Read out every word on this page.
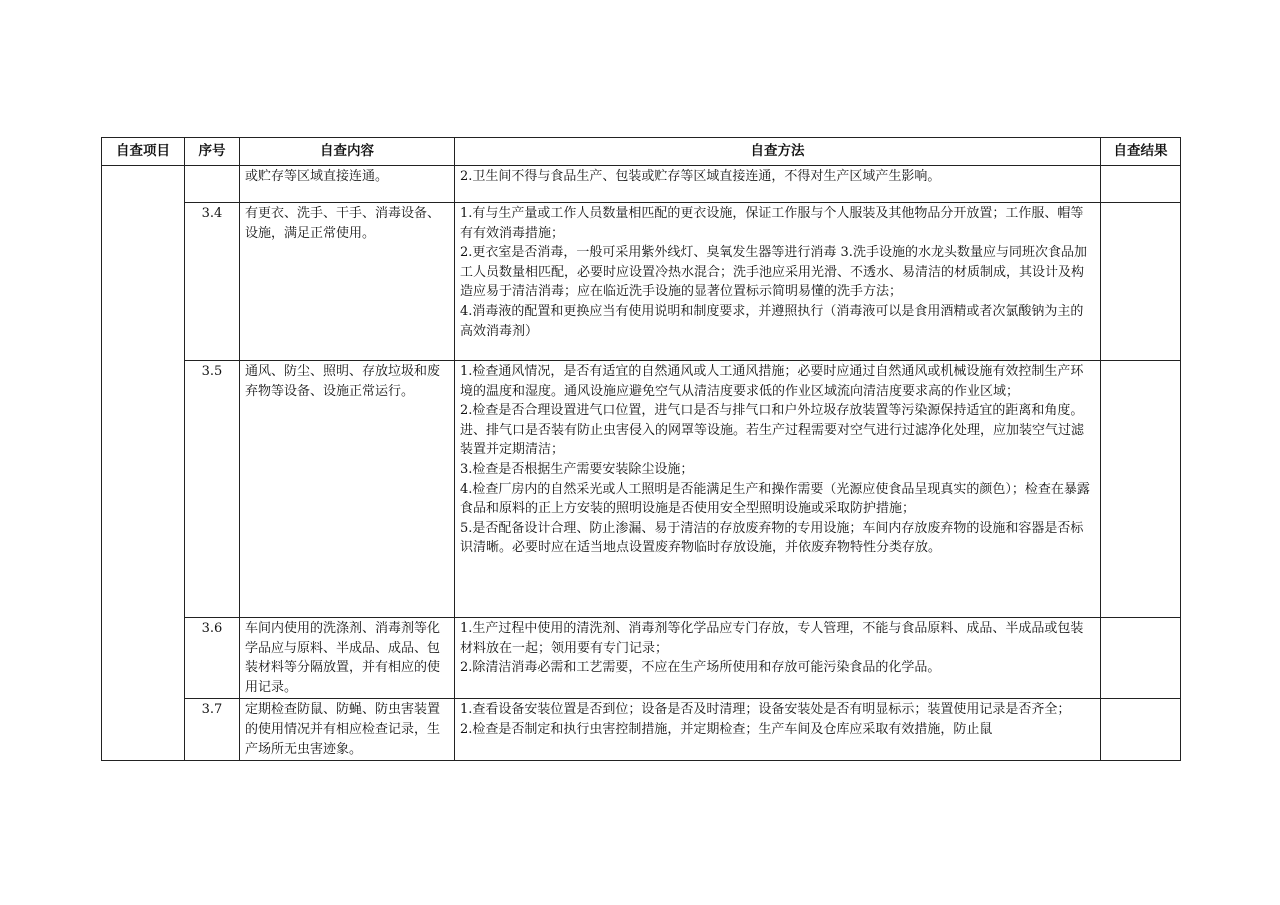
自查项目	序号	自查内容	自查方法	自查结果
		或贮存等区域直接连通。	2.卫生间不得与食品生产、包装或贮存等区域直接连通，不得对生产区域产生影响。	

	3.4	有更衣、洗手、干手、消毒设备、设施，满足正常使用。	1.有与生产量或工作人员数量相匹配的更衣设施，保证工作服与个人服装及其他物品分开放置；工作服、帽等有有效消毒措施；
2.更衣室是否消毒，一般可采用紫外线灯、臭氧发生器等进行消毒 3.洗手设施的水龙头数量应与同班次食品加工人员数量相匹配，必要时应设置冷热水混合；洗手池应采用光滑、不透水、易清洁的材质制成，其设计及构造应易于清洁消毒；应在临近洗手设施的显著位置标示简明易懂的洗手方法；
4.消毒液的配置和更换应当有使用说明和制度要求，并遵照执行（消毒液可以是食用酒精或者次氯酸钠为主的高效消毒剂）	

	3.5	通风、防尘、照明、存放垃圾和废弃物等设备、设施正常运行。	1.检查通风情况，是否有适宜的自然通风或人工通风措施；必要时应通过自然通风或机械设施有效控制生产环境的温度和湿度。通风设施应避免空气从清洁度要求低的作业区域流向清洁度要求高的作业区域；
2.检查是否合理设置进气口位置，进气口是否与排气口和户外垃圾存放装置等污染源保持适宜的距离和角度。进、排气口是否装有防止虫害侵入的网罩等设施。若生产过程需要对空气进行过滤净化处理，应加装空气过滤装置并定期清洁；
3.检查是否根据生产需要安装除尘设施；
4.检查厂房内的自然采光或人工照明是否能满足生产和操作需要（光源应使食品呈现真实的颜色）；检查在暴露食品和原料的正上方安装的照明设施是否使用安全型照明设施或采取防护措施；
5.是否配备设计合理、防止渗漏、易于清洁的存放废弃物的专用设施；车间内存放废弃物的设施和容器是否标识清晰。必要时应在适当地点设置废弃物临时存放设施，并依废弃物特性分类存放。	

	3.6	车间内使用的洗涤剂、消毒剂等化学品应与原料、半成品、成品、包装材料等分隔放置，并有相应的使用记录。	1.生产过程中使用的清洗剂、消毒剂等化学品应专门存放，专人管理，不能与食品原料、成品、半成品或包装材料放在一起；领用要有专门记录；
2.除清洁消毒必需和工艺需要，不应在生产场所使用和存放可能污染食品的化学品。	

	3.7	定期检查防鼠、防蝇、防虫害装置的使用情况并有相应检查记录，生产场所无虫害迹象。	1.查看设备安装位置是否到位；设备是否及时清理；设备安装处是否有明显标示；装置使用记录是否齐全；
2.检查是否制定和执行虫害控制措施，并定期检查；生产车间及仓库应采取有效措施，防止鼠	
